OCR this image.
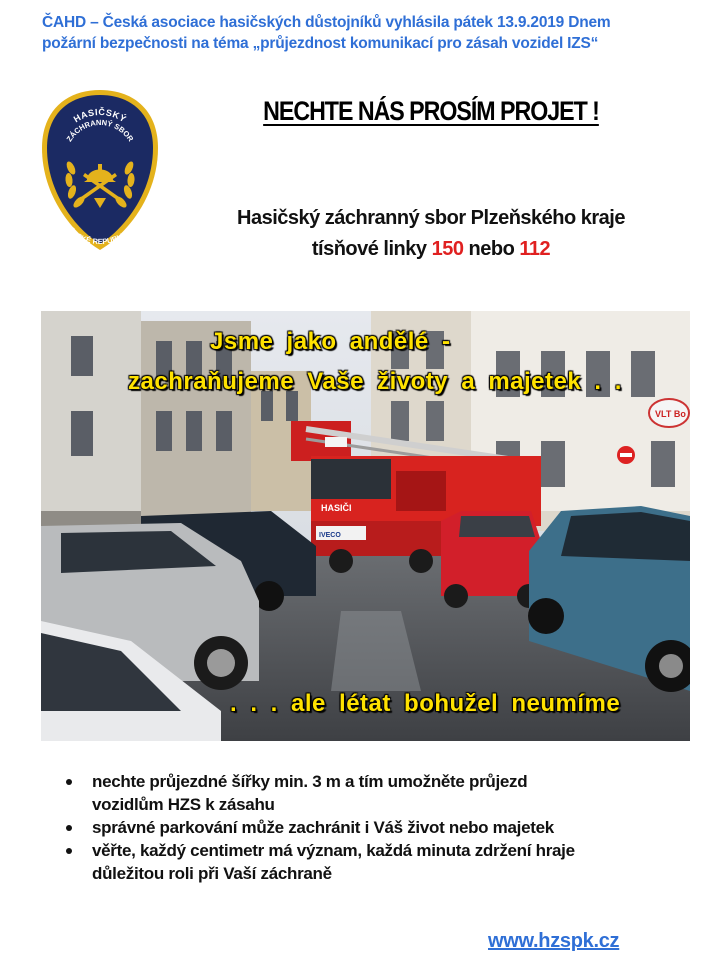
ČAHD – Česká asociace hasičských důstojníků vyhlásila pátek 13.9.2019 Dnem
požární bezpečnosti na téma „průjezdnost komunikací pro zásah vozidel IZS“
HASIČSKÝ
ZÁCHRANNÝ SBOR
ČESKÉ REPUBLIKY
NECHTE NÁS PROSÍM PROJET !
Hasičský záchranný sbor Plzeňského kraje
tísňové linky 150 nebo 112
VLT Bo
HASIČI
IVECO
Jsme jako andělé -
zachraňujeme Vaše životy a majetek . .
. . . ale létat bohužel neumíme
nechte průjezdné šířky min. 3 m a tím umožněte průjezd
vozidlům HZS k zásahu
správné parkování může zachránit i Váš život nebo majetek
věřte, každý centimetr má význam, každá minuta zdržení hraje
důležitou roli při Vaší záchraně
www.hzspk.cz
